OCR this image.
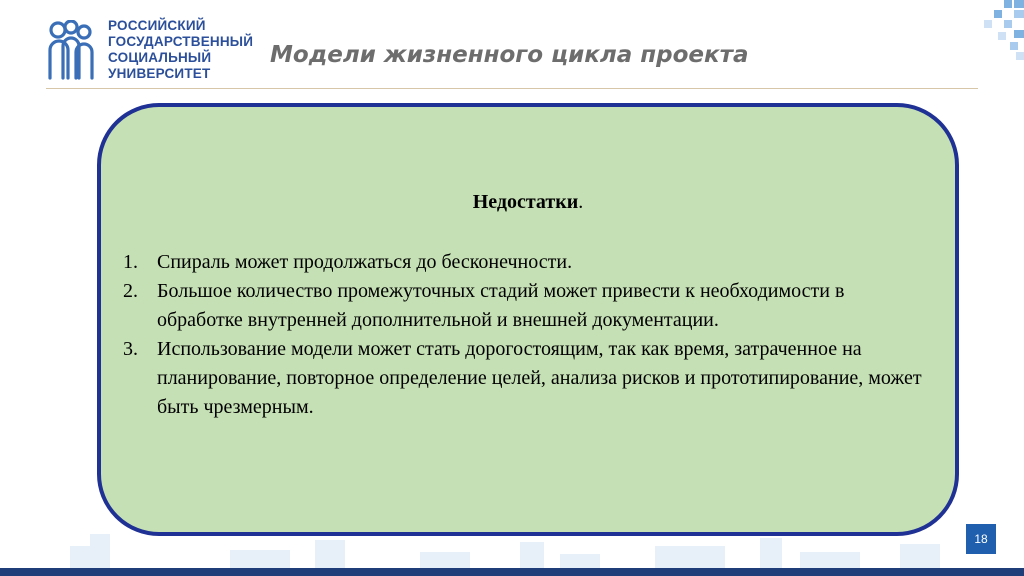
РОССИЙСКИЙ
ГОСУДАРСТВЕННЫЙ
СОЦИАЛЬНЫЙ
УНИВЕРСИТЕТ
Модели жизненного цикла проекта
Недостатки.
1. Спираль может продолжаться до бесконечности.
2. Большое количество промежуточных стадий может привести к необходимости в обработке внутренней дополнительной и внешней документации.
3. Использование модели может стать дорогостоящим, так как время, затраченное на планирование, повторное определение целей, анализа рисков и прототипирование, может быть чрезмерным.
18
